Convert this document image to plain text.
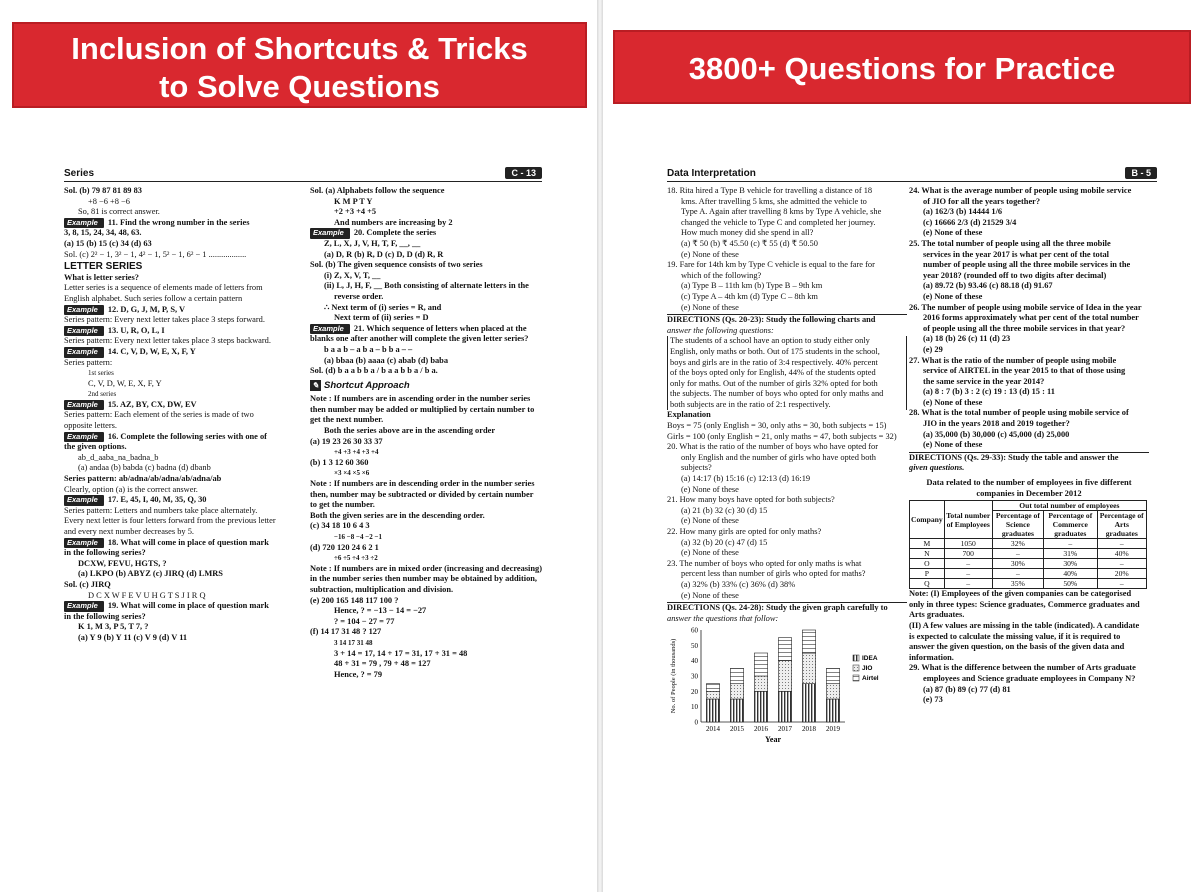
Inclusion of Shortcuts & Tricks
to Solve Questions
Series	C - 13
Sol. (b) 79 87 81 89 83
+8 −6 +8 −6
So, 81 is correct answer.
Example 11. Find the wrong number in the series
3, 8, 15, 24, 34, 48, 63.
(a) 15 (b) 15 (c) 34 (d) 63
Sol. (c) 2² − 1, 3² − 1, 4² − 1, 5² − 1, 6² − 1 ..................
LETTER SERIES
What is letter series?
Letter series is a sequence of elements made of letters from
English alphabet. Such series follow a certain pattern
Example 12. D, G, J, M, P, S, V
Series pattern: Every next letter takes place 3 steps forward.
Example 13. U, R, O, L, I
Series pattern: Every next letter takes place 3 steps backward.
Example 14. C, V, D, W, E, X, F, Y
Series pattern:
1st series
C, V, D, W, E, X, F, Y
2nd series
Example 15. AZ, BY, CX, DW, EV
Series pattern: Each element of the series is made of two
opposite letters.
Example 16. Complete the following series with one of
the given options.
ab_d_aaba_na_badna_b
(a) andaa (b) babda (c) badna (d) dbanb
Series pattern: ab/adna/ab/adna/ab/adna/ab
Clearly, option (a) is the correct answer.
Example 17. E, 45, I, 40, M, 35, Q, 30
Series pattern: Letters and numbers take place alternately.
Every next letter is four letters forward from the previous letter
and every next number decreases by 5.
Example 18. What will come in place of question mark
in the following series?
DCXW, FEVU, HGTS, ?
(a) LKPO (b) ABYZ (c) JIRQ (d) LMRS
Sol. (c) JIRQ
D C X W F E V U H G T S J I R Q
Example 19. What will come in place of question mark
in the following series?
K 1, M 3, P 5, T 7, ?
(a) Y 9 (b) Y 11 (c) V 9 (d) V 11
Sol. (a) Alphabets follow the sequence
K M P T Y
+2 +3 +4 +5
And numbers are increasing by 2
Example 20. Complete the series
Z, L, X, J, V, H, T, F, __, __
(a) D, R (b) R, D (c) D, D (d) R, R
Sol. (b) The given sequence consists of two series
(i) Z, X, V, T, __
(ii) L, J, H, F, __ Both consisting of alternate letters in the
reverse order.
∴ Next term of (i) series = R, and
Next term of (ii) series = D
Example 21. Which sequence of letters when placed at the
blanks one after another will complete the given letter series?
b a a b – a b a – b b a – –
(a) bbaa (b) aaaa (c) abab (d) baba
Sol. (d) b a a b b a / b a a b b a / b a.
✎ Shortcut Approach
Note : If numbers are in ascending order in the number series
then number may be added or multiplied by certain number to
get the next number.
Both the series above are in the ascending order
(a) 19 23 26 30 33 37
+4 +3 +4 +3 +4
(b) 1 3 12 60 360
×3 ×4 ×5 ×6
Note : If numbers are in descending order in the number series
then, number may be subtracted or divided by certain number
to get the number.
Both the given series are in the descending order.
(c) 34 18 10 6 4 3
−16 −8 −4 −2 −1
(d) 720 120 24 6 2 1
÷6 ÷5 ÷4 ÷3 ÷2
Note : If numbers are in mixed order (increasing and decreasing)
in the number series then number may be obtained by addition,
subtraction, multiplication and division.
(e) 200 165 148 117 100 ?
Hence, ? = −13 − 14 = −27
? = 104 − 27 = 77
(f) 14 17 31 48 ? 127
3 14 17 31 48
3 + 14 = 17, 14 + 17 = 31, 17 + 31 = 48
48 + 31 = 79 , 79 + 48 = 127
Hence, ? = 79
3800+ Questions for Practice
Data Interpretation	B - 5
18. Rita hired a Type B vehicle for travelling a distance of 18
kms. After travelling 5 kms, she admitted the vehicle to
Type A. Again after travelling 8 kms by Type A vehicle, she
changed the vehicle to Type C and completed her journey.
How much money did she spend in all?
(a) ₹ 50 (b) ₹ 45.50 (c) ₹ 55 (d) ₹ 50.50
(e) None of these
19. Fare for 14th km by Type C vehicle is equal to the fare for
which of the following?
(a) Type B – 11th km (b) Type B – 9th km
(c) Type A – 4th km (d) Type C – 8th km
(e) None of these
DIRECTIONS (Qs. 20-23): Study the following charts and
answer the following questions:
The students of a school have an option to study either only
English, only maths or both. Out of 175 students in the school,
boys and girls are in the ratio of 3:4 respectively. 40% percent
of the boys opted only for English, 44% of the students opted
only for maths. Out of the number of girls 32% opted for both
the subjects. The number of boys who opted for only maths and
both subjects are in the ratio of 2:1 respectively.
Explanation
Boys = 75 (only English = 30, only aths = 30, both subjects = 15)
Girls = 100 (only English = 21, only maths = 47, both subjects = 32)
20. What is the ratio of the number of boys who have opted for
only English and the number of girls who have opted both
subjects?
(a) 14:17 (b) 15:16 (c) 12:13 (d) 16:19
(e) None of these
21. How many boys have opted for both subjects?
(a) 21 (b) 32 (c) 30 (d) 15
(e) None of these
22. How many girls are opted for only maths?
(a) 32 (b) 20 (c) 47 (d) 15
(e) None of these
23. The number of boys who opted for only maths is what
percent less than number of girls who opted for maths?
(a) 32% (b) 33% (c) 36% (d) 38%
(e) None of these
DIRECTIONS (Qs. 24-28): Study the given graph carefully to
answer the questions that follow:
No. of People (in thousands)
0
10
20
30
40
50
60
2014 2015 2016 2017 2018 2019
Year
IDEA
JIO
Airtel
24. What is the average number of people using mobile service
of JIO for all the years together?
(a) 162/3 (b) 14444 1/6
(c) 16666 2/3 (d) 21529 3/4
(e) None of these
25. The total number of people using all the three mobile
services in the year 2017 is what per cent of the total
number of people using all the three mobile services in the
year 2018? (rounded off to two digits after decimal)
(a) 89.72 (b) 93.46 (c) 88.18 (d) 91.67
(e) None of these
26. The number of people using mobile service of Idea in the year
2016 forms approximately what per cent of the total number
of people using all the three mobile services in that year?
(a) 18 (b) 26 (c) 11 (d) 23
(e) 29
27. What is the ratio of the number of people using mobile
service of AIRTEL in the year 2015 to that of those using
the same service in the year 2014?
(a) 8 : 7 (b) 3 : 2 (c) 19 : 13 (d) 15 : 11
(e) None of these
28. What is the total number of people using mobile service of
JIO in the years 2018 and 2019 together?
(a) 35,000 (b) 30,000 (c) 45,000 (d) 25,000
(e) None of these
DIRECTIONS (Qs. 29-33): Study the table and answer the
given questions.
Data related to the number of employees in five different
companies in December 2012
Company	Total number of Employees	Out total number of employees		
		Percentage of Science graduates	Percentage of Commerce graduates	Percentage of Arts graduates
M	1050	32%	–	–
N	700	–	31%	40%
O	–	30%	30%	–
P	–	–	40%	20%
Q	–	35%	50%	–
Note: (I) Employees of the given companies can be categorised
only in three types: Science graduates, Commerce graduates and
Arts graduates.
(II) A few values are missing in the table (indicated). A candidate
is expected to calculate the missing value, if it is required to
answer the given question, on the basis of the given data and
information.
29. What is the difference between the number of Arts graduate
employees and Science graduate employees in Company N?
(a) 87 (b) 89 (c) 77 (d) 81
(e) 73
